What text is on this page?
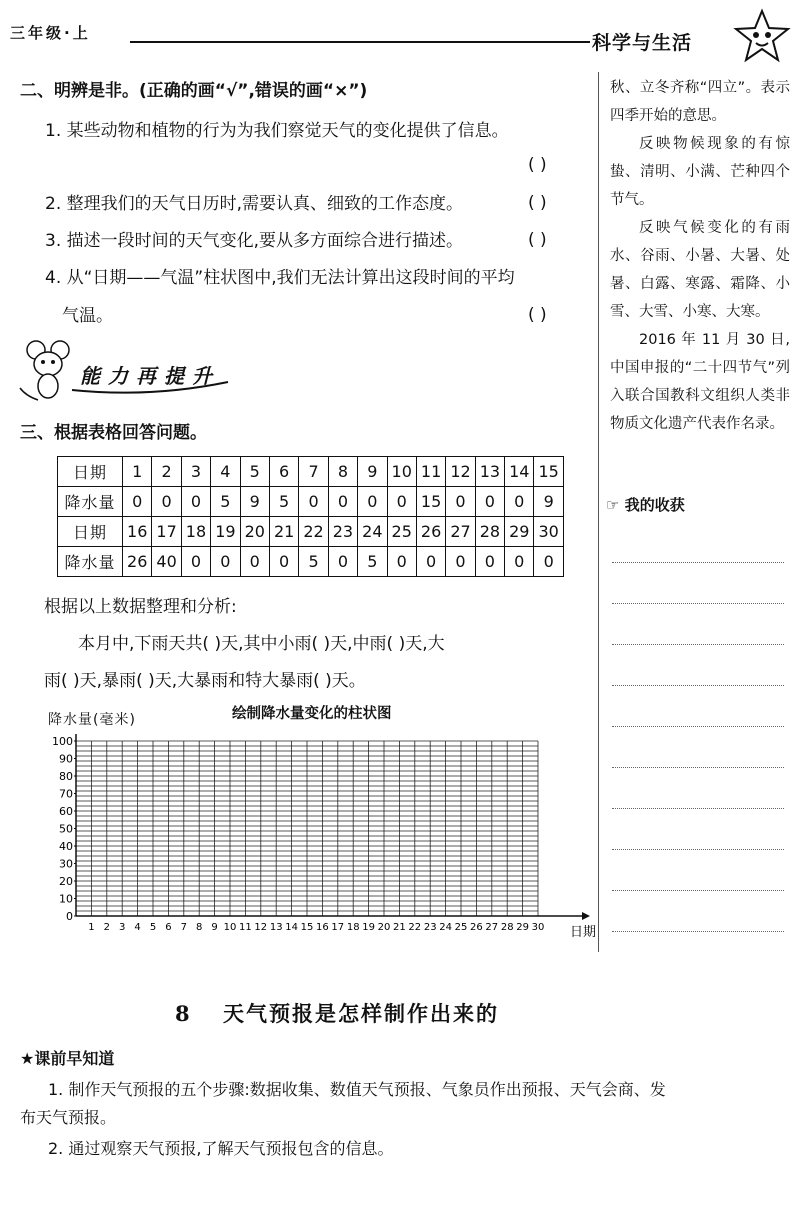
三年级·上	科学与生活
二、明辨是非。(正确的画“√”,错误的画“×”)
1. 某些动物和植物的行为为我们察觉天气的变化提供了信息。
( )
2. 整理我们的天气日历时,需要认真、细致的工作态度。	( )
3. 描述一段时间的天气变化,要从多方面综合进行描述。	( )
4. 从“日期——气温”柱状图中,我们无法计算出这段时间的平均
气温。	( )
能力再提升
三、根据表格回答问题。
日期	1	2	3	4	5	6	7	8	9	10	11	12	13	14	15
降水量	0	0	0	5	9	5	0	0	0	0	15	0	0	0	9
日期	16	17	18	19	20	21	22	23	24	25	26	27	28	29	30
降水量	26	40	0	0	0	0	5	0	5	0	0	0	0	0	0
根据以上数据整理和分析:
本月中,下雨天共( )天,其中小雨( )天,中雨( )天,大
雨( )天,暴雨( )天,大暴雨和特大暴雨( )天。
降水量(毫米)	绘制降水量变化的柱状图
0
10
20
30
40
50
60
70
80
90
100
1 2 3 4 5 6 7 8 9 10 11 12 13 14 15 16 17 18 19 20 21 22 23 24 25 26 27 28 29 30 日期

秋、立冬齐称“四立”。表示四季开始的意思。

反映物候现象的有惊蛰、清明、小满、芒种四个节气。

反映气候变化的有雨水、谷雨、小暑、大暑、处暑、白露、寒露、霜降、小雪、大雪、小寒、大寒。

2016 年 11 月 30 日,中国申报的“二十四节气”列入联合国教科文组织人类非物质文化遗产代表作名录。

☞ 我的收获
8 天气预报是怎样制作出来的
★课前早知道
1. 制作天气预报的五个步骤:数据收集、数值天气预报、气象员作出预报、天气会商、发
布天气预报。
2. 通过观察天气预报,了解天气预报包含的信息。
